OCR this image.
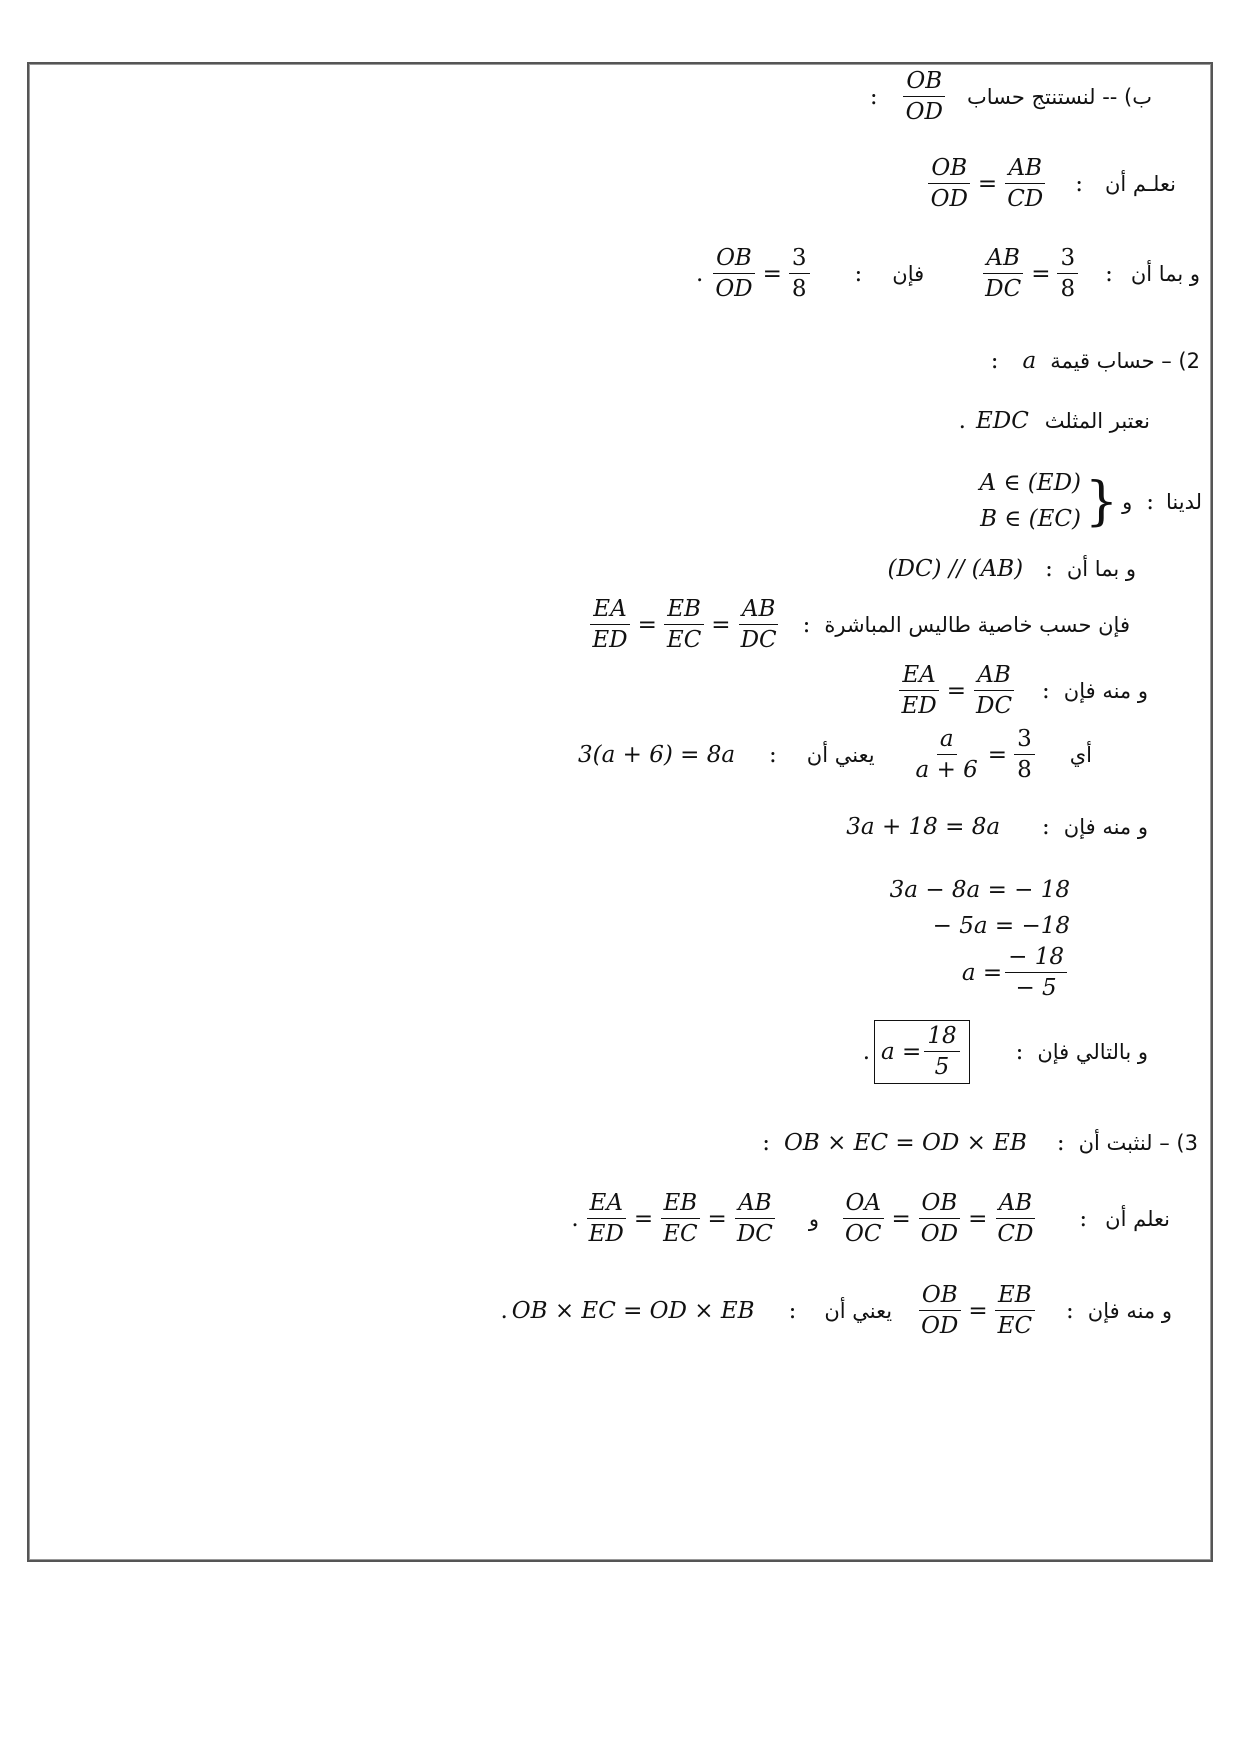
: $\frac{OB}{OD}$ ب) -- لنستنتج حساب
$\frac{OB}{OD} = \frac{AB}{CD}$ : نعلـم أن
. $\frac{OB}{OD} = \frac{3}{8}$ : فإن	$\frac{AB}{DC} = \frac{3}{8}$ : و بما أن
: a 2) – حساب قيمة
. EDC نعتبر المثلث
A ∈ (ED)
B ∈ (EC) } و : لدينا
(DC) // (AB) : و بما أن
$\frac{EA}{ED} = \frac{EB}{EC} = \frac{AB}{DC}$ : فإن حسب خاصية طاليس المباشرة
$\frac{EA}{ED} = \frac{AB}{DC}$ : و منه فإن
3(a + 6) = 8a : يعني أن $\frac{a}{a + 6} = \frac{3}{8}$ أي
3a + 18 = 8a : و منه فإن
3a − 8a = − 18
− 5a = −18
$a = \frac{- 18}{- 5}$
. $a = \frac{18}{5}$ : و بالتالي فإن
: OB × EC = OD × EB : 3) – لنثبت أن
. $\frac{EA}{ED} = \frac{EB}{EC} = \frac{AB}{DC}$ و $\frac{OA}{OC} = \frac{OB}{OD} = \frac{AB}{CD}$ : نعلم أن
. OB × EC = OD × EB : يعني أن $\frac{OB}{OD} = \frac{EB}{EC}$ : و منه فإن
